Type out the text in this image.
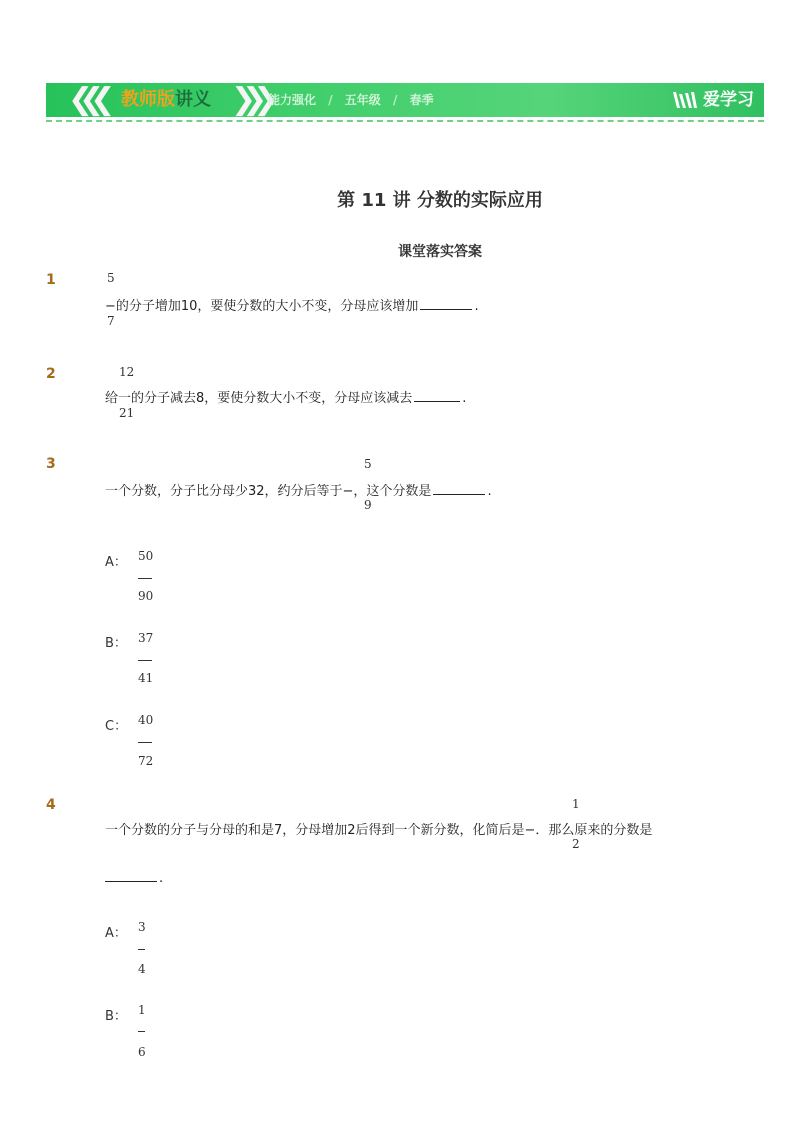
❮❮❮ 教师版讲义 ❯❯❯ 能力强化 / 五年级 / 春季	爱学习
第 11 讲 分数的实际应用
课堂落实答案
1	5
−的分子增加10，要使分数的大小不变，分母应该增加	.
7
2	12
给一的分子减去8，要使分数大小不变，分母应该减去	.
21
3	5
一个分数，分子比分母少32，约分后等于−，这个分数是	.
9
A： 50
90
B： 37
41
C： 40
72
4	1
一个分数的分子与分母的和是7，分母增加2后得到一个新分数，化简后是−．那么原来的分数是
2
.
A： 3
4
B： 1
6
